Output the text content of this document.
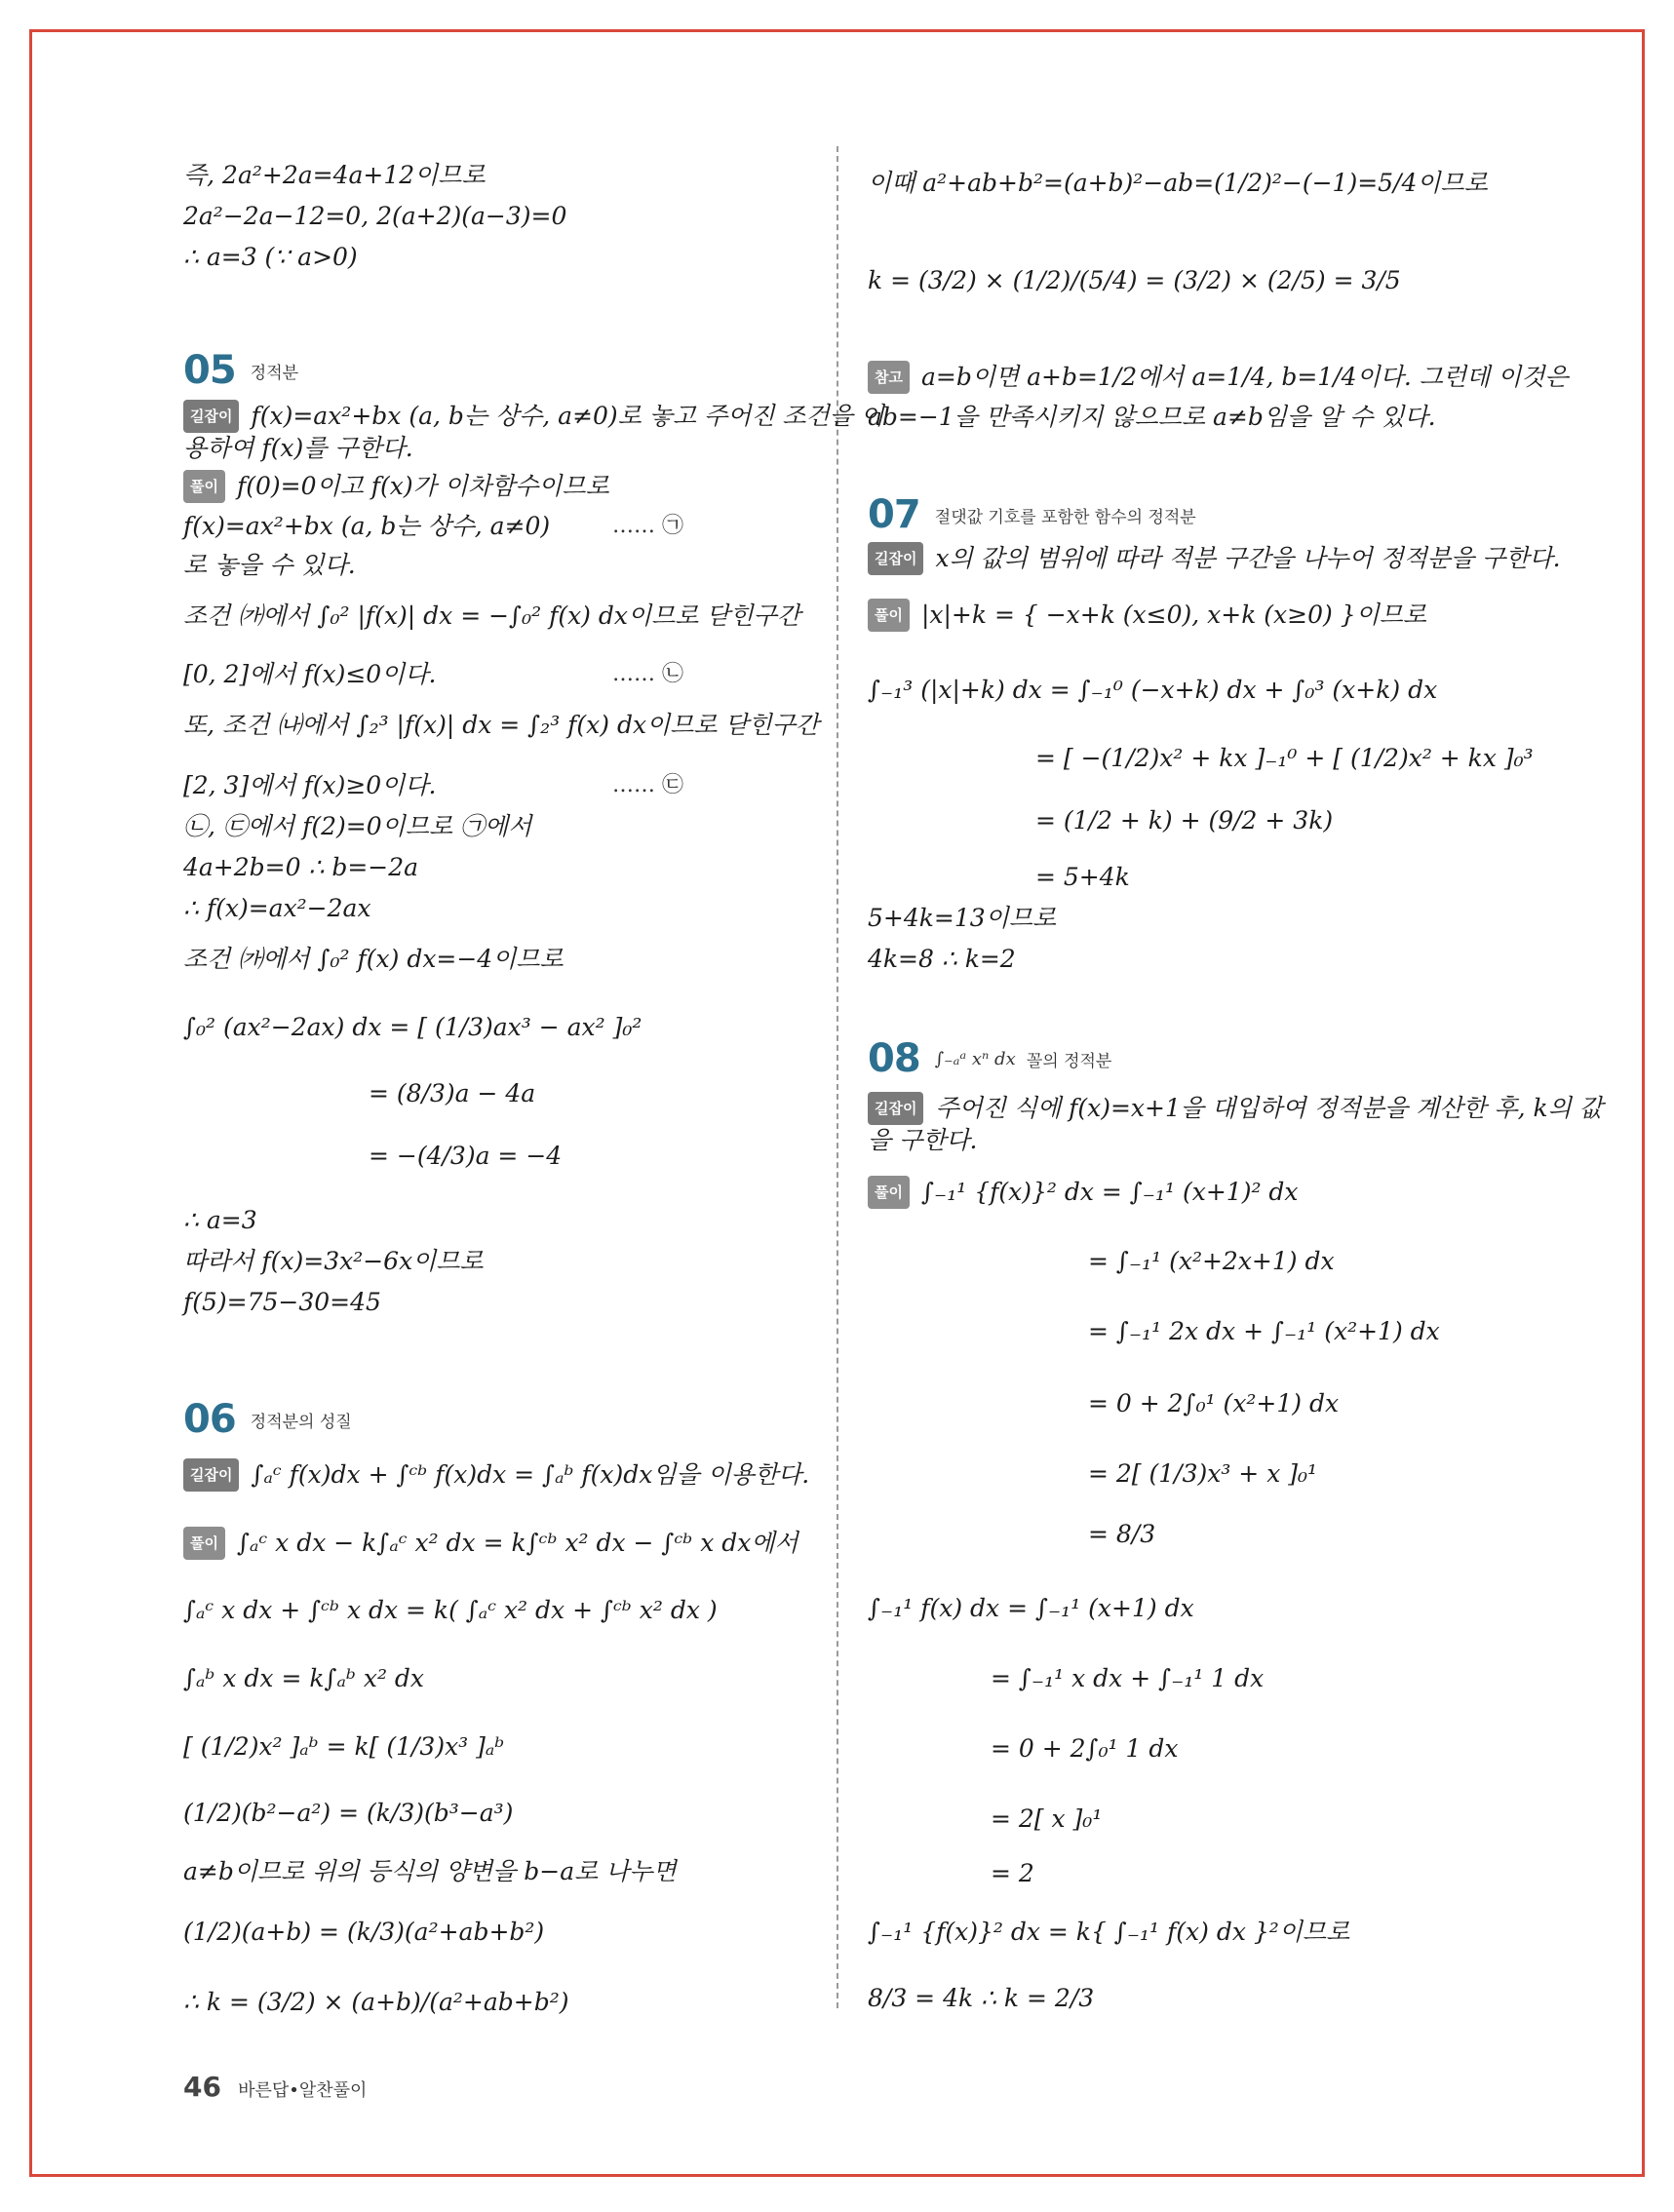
즉, 2a²+2a=4a+12이므로
2a²−2a−12=0, 2(a+2)(a−3)=0
∴ a=3 (∵ a>0)
05 정적분
길잡이 f(x)=ax²+bx (a, b는 상수, a≠0)로 놓고 주어진 조건을 이
용하여 f(x)를 구한다.
풀이 f(0)=0이고 f(x)가 이차함수이므로
f(x)=ax²+bx (a, b는 상수, a≠0)	…… ㉠
로 놓을 수 있다.
조건 ㈎에서 ∫₀² |f(x)| dx = −∫₀² f(x) dx이므로 닫힌구간
[0, 2]에서 f(x)≤0이다.	…… ㉡
또, 조건 ㈏에서 ∫₂³ |f(x)| dx = ∫₂³ f(x) dx이므로 닫힌구간
[2, 3]에서 f(x)≥0이다.	…… ㉢
㉡, ㉢에서 f(2)=0이므로 ㉠에서
4a+2b=0 ∴ b=−2a
∴ f(x)=ax²−2ax
조건 ㈎에서 ∫₀² f(x) dx=−4이므로
∫₀² (ax²−2ax) dx = [ (1/3)ax³ − ax² ]₀²
= (8/3)a − 4a
= −(4/3)a = −4
∴ a=3
따라서 f(x)=3x²−6x이므로
f(5)=75−30=45
06 정적분의 성질
길잡이 ∫ₐᶜ f(x)dx + ∫ᶜᵇ f(x)dx = ∫ₐᵇ f(x)dx임을 이용한다.
풀이 ∫ₐᶜ x dx − k∫ₐᶜ x² dx = k∫ᶜᵇ x² dx − ∫ᶜᵇ x dx에서
∫ₐᶜ x dx + ∫ᶜᵇ x dx = k( ∫ₐᶜ x² dx + ∫ᶜᵇ x² dx )
∫ₐᵇ x dx = k∫ₐᵇ x² dx
[ (1/2)x² ]ₐᵇ = k[ (1/3)x³ ]ₐᵇ
(1/2)(b²−a²) = (k/3)(b³−a³)
a≠b이므로 위의 등식의 양변을 b−a로 나누면
(1/2)(a+b) = (k/3)(a²+ab+b²)
∴ k = (3/2) × (a+b)/(a²+ab+b²)
이때 a²+ab+b²=(a+b)²−ab=(1/2)²−(−1)=5/4이므로
k = (3/2) × (1/2)/(5/4) = (3/2) × (2/5) = 3/5
참고 a=b이면 a+b=1/2에서 a=1/4, b=1/4이다. 그런데 이것은
ab=−1을 만족시키지 않으므로 a≠b임을 알 수 있다.
07 절댓값 기호를 포함한 함수의 정적분
길잡이 x의 값의 범위에 따라 적분 구간을 나누어 정적분을 구한다.
풀이 |x|+k = { −x+k (x≤0), x+k (x≥0) }이므로
∫₋₁³ (|x|+k) dx = ∫₋₁⁰ (−x+k) dx + ∫₀³ (x+k) dx
= [ −(1/2)x² + kx ]₋₁⁰ + [ (1/2)x² + kx ]₀³
= (1/2 + k) + (9/2 + 3k)
= 5+4k
5+4k=13이므로
4k=8 ∴ k=2
08 ∫₋ₐᵃ xⁿ dx 꼴의 정적분
길잡이 주어진 식에 f(x)=x+1을 대입하여 정적분을 계산한 후, k의 값
을 구한다.
풀이 ∫₋₁¹ {f(x)}² dx = ∫₋₁¹ (x+1)² dx
= ∫₋₁¹ (x²+2x+1) dx
= ∫₋₁¹ 2x dx + ∫₋₁¹ (x²+1) dx
= 0 + 2∫₀¹ (x²+1) dx
= 2[ (1/3)x³ + x ]₀¹
= 8/3
∫₋₁¹ f(x) dx = ∫₋₁¹ (x+1) dx
= ∫₋₁¹ x dx + ∫₋₁¹ 1 dx
= 0 + 2∫₀¹ 1 dx
= 2[ x ]₀¹
= 2
∫₋₁¹ {f(x)}² dx = k{ ∫₋₁¹ f(x) dx }²이므로
8/3 = 4k ∴ k = 2/3
46 바른답•알찬풀이
